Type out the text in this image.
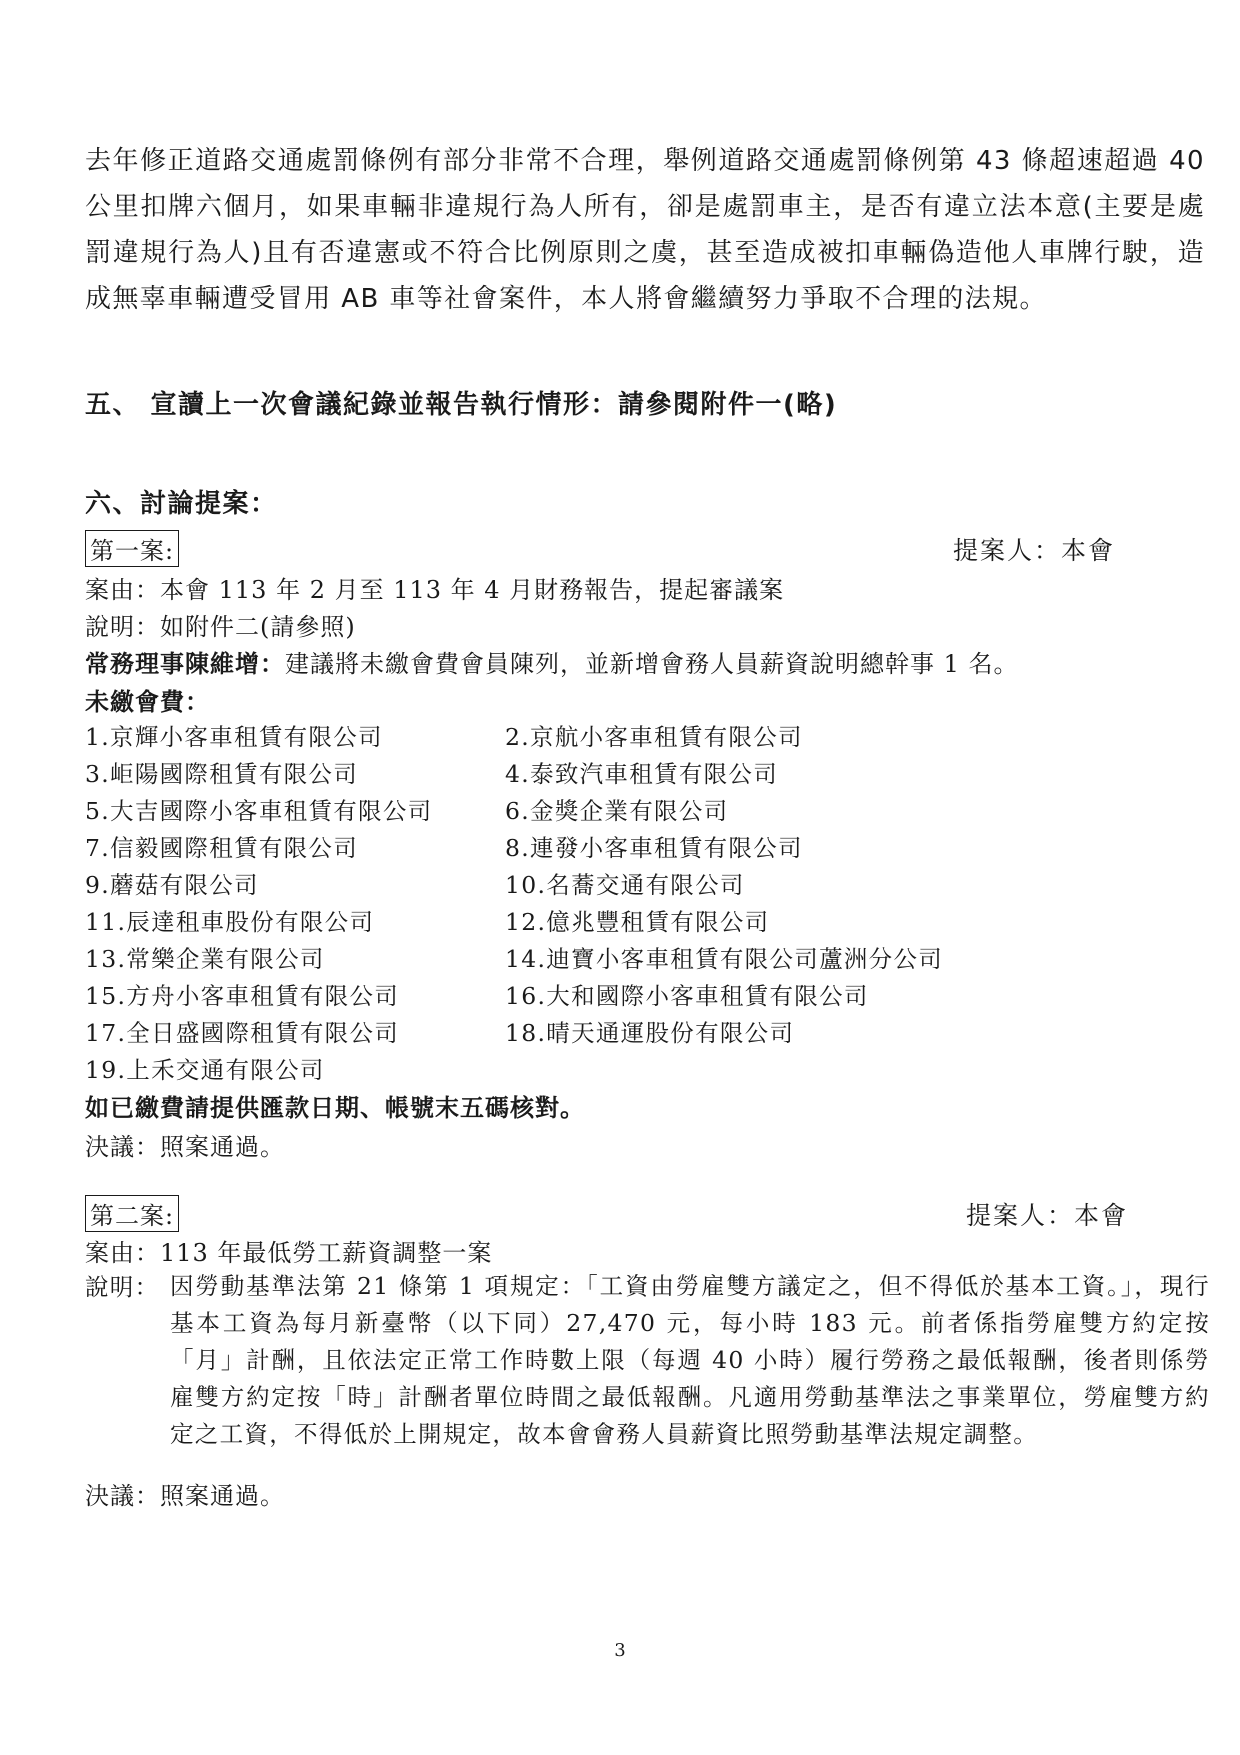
去年修正道路交通處罰條例有部分非常不合理，舉例道路交通處罰條例第 43 條超速超過 40 公里扣牌六個月，如果車輛非違規行為人所有，卻是處罰車主，是否有違立法本意(主要是處罰違規行為人)且有否違憲或不符合比例原則之虞，甚至造成被扣車輛偽造他人車牌行駛，造成無辜車輛遭受冒用 AB 車等社會案件，本人將會繼續努力爭取不合理的法規。

五、 宣讀上一次會議紀錄並報告執行情形：請參閱附件一(略)

六、討論提案：

第一案:	提案人：本會

案由：本會 113 年 2 月至 113 年 4 月財務報告，提起審議案

說明：如附件二(請參照)

常務理事陳維增：建議將未繳會費會員陳列，並新增會務人員薪資說明總幹事 1 名。

未繳會費：

1.京輝小客車租賃有限公司	2.京航小客車租賃有限公司
3.岠陽國際租賃有限公司	4.泰致汽車租賃有限公司
5.大吉國際小客車租賃有限公司	6.金獎企業有限公司
7.信毅國際租賃有限公司	8.連發小客車租賃有限公司
9.蘑菇有限公司	10.名蕎交通有限公司
11.辰達租車股份有限公司	12.億兆豐租賃有限公司
13.常樂企業有限公司	14.迪寶小客車租賃有限公司蘆洲分公司
15.方舟小客車租賃有限公司	16.大和國際小客車租賃有限公司
17.全日盛國際租賃有限公司	18.晴天通運股份有限公司
19.上禾交通有限公司

如已繳費請提供匯款日期、帳號末五碼核對。

決議：照案通過。

第二案:	提案人：本會

案由：113 年最低勞工薪資調整一案

說明： 因勞動基準法第 21 條第 1 項規定：「工資由勞雇雙方議定之，但不得低於基本工資。」，現行基本工資為每月新臺幣（以下同）27,470 元，每小時 183 元。前者係指勞雇雙方約定按「月」計酬，且依法定正常工作時數上限（每週 40 小時）履行勞務之最低報酬，後者則係勞雇雙方約定按「時」計酬者單位時間之最低報酬。凡適用勞動基準法之事業單位，勞雇雙方約定之工資，不得低於上開規定，故本會會務人員薪資比照勞動基準法規定調整。

決議：照案通過。

3
